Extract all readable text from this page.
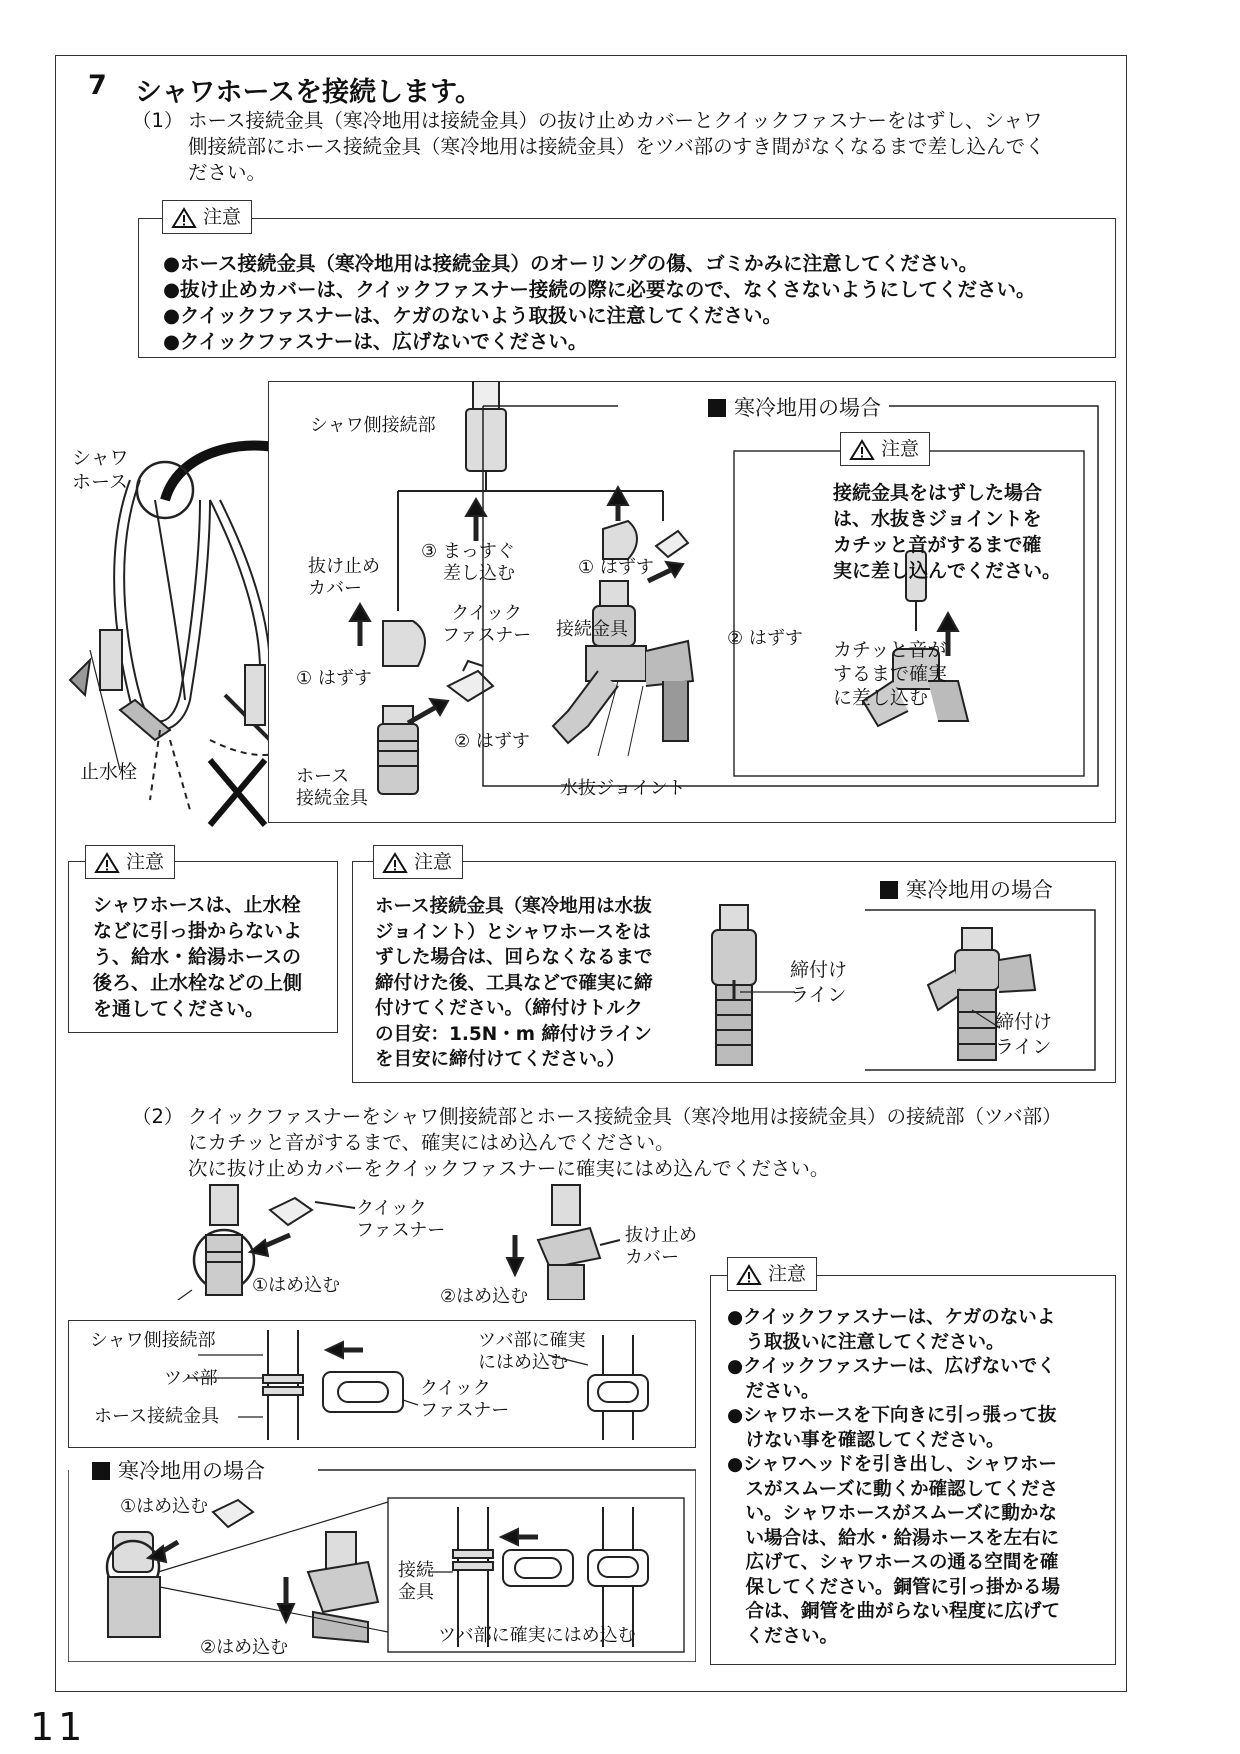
7 シャワホースを接続します。
（1） ホース接続金具（寒冷地用は接続金具）の抜け止めカバーとクイックファスナーをはずし、シャワ
側接続部にホース接続金具（寒冷地用は接続金具）をツバ部のすき間がなくなるまで差し込んでく
ださい。
●ホース接続金具（寒冷地用は接続金具）のオーリングの傷、ゴミかみに注意してください。
●抜け止めカバーは、クイックファスナー接続の際に必要なので、なくさないようにしてください。
●クイックファスナーは、ケガのないよう取扱いに注意してください。
●クイックファスナーは、広げないでください。
注意
シャワ
ホース
止水栓
シャワ側接続部
抜け止め
カバー
③ まっすぐ
差し込む
クイック
ファスナー
① はずす
② はずす
ホース
接続金具
寒冷地用の場合
① はずす
② はずす
接続金具
水抜ジョイント
注意
接続金具をはずした場合
は、水抜きジョイントを
カチッと音がするまで確
実に差し込んでください。
カチッと音が
するまで確実
に差し込む
シャワホースは、止水栓
などに引っ掛からないよ
う、給水・給湯ホースの
後ろ、止水栓などの上側
を通してください。
注意
ホース接続金具（寒冷地用は水抜
ジョイント）とシャワホースをは
ずした場合は、回らなくなるまで
締付けた後、工具などで確実に締
付けてください。（締付けトルク
の目安：1.5N・m 締付けライン
を目安に締付けてください。）
注意
締付け
ライン
寒冷地用の場合
締付け
ライン
（2） クイックファスナーをシャワ側接続部とホース接続金具（寒冷地用は接続金具）の接続部（ツバ部）
にカチッと音がするまで、確実にはめ込んでください。
次に抜け止めカバーをクイックファスナーに確実にはめ込んでください。
クイック
ファスナー
①はめ込む
抜け止め
カバー
②はめ込む
シャワ側接続部
ツバ部
ホース接続金具
クイック
ファスナー
ツバ部に確実
にはめ込む
寒冷地用の場合
①はめ込む
②はめ込む
接続
金具
ツバ部に確実にはめ込む
●クイックファスナーは、ケガのないよ
　う取扱いに注意してください。
●クイックファスナーは、広げないでく
　ださい。
●シャワホースを下向きに引っ張って抜
　けない事を確認してください。
●シャワヘッドを引き出し、シャワホー
　スがスムーズに動くか確認してくださ
　い。シャワホースがスムーズに動かな
　い場合は、給水・給湯ホースを左右に
　広げて、シャワホースの通る空間を確
　保してください。銅管に引っ掛かる場
　合は、銅管を曲がらない程度に広げて
　ください。
注意
11
